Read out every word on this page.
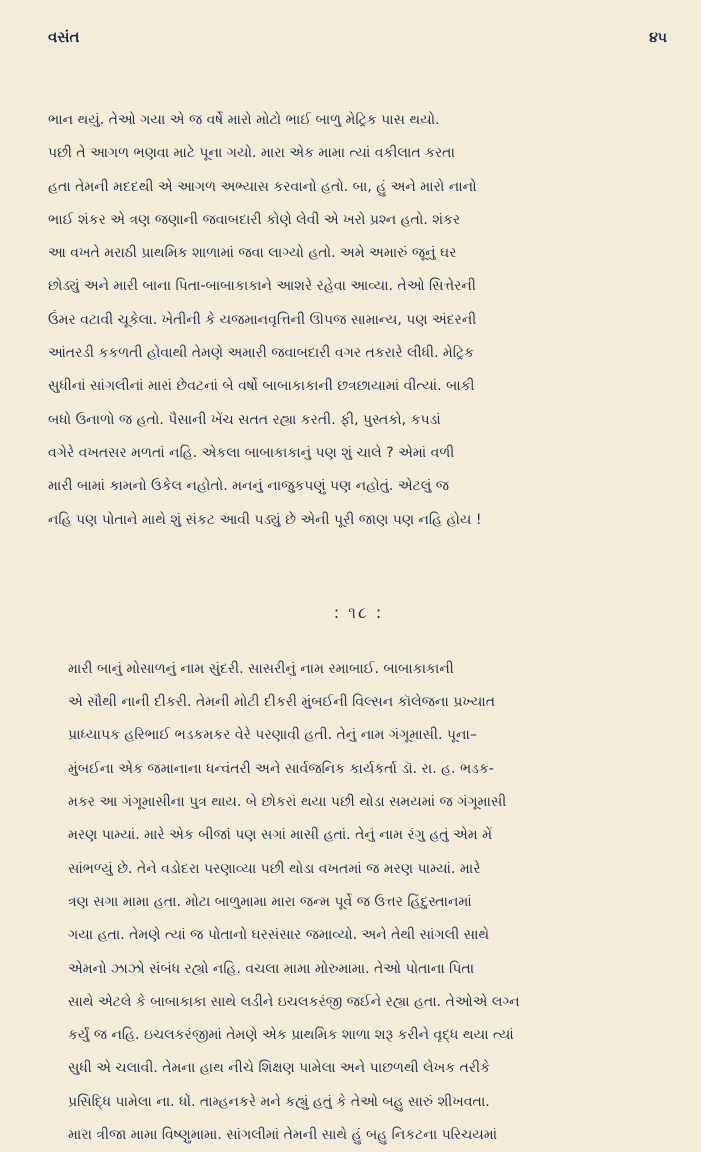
વસંત	૪૫
ભાન થયું. તેઓ ગયા એ જ વર્ષે મારો મોટો ભાઈ બાળુ મેટ્રિક પાસ થયો.
પછી તે આગળ ભણવા માટે પૂના ગયો. મારા એક મામા ત્યાં વકીલાત કરતા
હતા તેમની મદદથી એ આગળ અભ્યાસ કરવાનો હતો. બા, હું અને મારો નાનો
ભાઈ શંકર એ ત્રણ જણાની જવાબદારી કોણે લેવી એ ખરો પ્રશ્ન હતો. શંકર
આ વખતે મરાઠી પ્રાથમિક શાળામાં જવા લાગ્યો હતો. અમે અમારું જૂનું ઘર
છોડ્યું અને મારી બાના પિતા-બાબાકાકાને આશરે રહેવા આવ્યા. તેઓ સિત્તેરની
ઉંમર વટાવી ચૂકેલા. ખેતીની કે યજમાનવૃત્તિની ઊપજ સામાન્ય, પણ અંદરની
આંતરડી કકળતી હોવાથી તેમણે અમારી જવાબદારી વગર તકરારે લીધી. મેટ્રિક
સુધીનાં સાંગલીનાં મારાં છેવટનાં બે વર્ષો બાબાકાકાની છત્રછાયામાં વીત્યાં. બાકી
બધો ઉનાળો જ હતો. પૈસાની ખેંચ સતત રહ્યા કરતી. ફી, પુસ્તકો, કપડાં
વગેરે વખતસર મળતાં નહિ. એકલા બાબાકાકાનું પણ શું ચાલે ? એમાં વળી
મારી બામાં કામનો ઉકેલ નહોતો. મનનું નાજુકપણું પણ નહોતું. એટલું જ
નહિ પણ પોતાને માથે શું સંકટ આવી પડ્યું છે એની પૂરી જાણ પણ નહિ હોય !
: ૧૮ :
મારી બાનું મોસાળનું નામ સુંદરી. સાસરીનું નામ રમાબાઈ. બાબાકાકાની
એ સૌથી નાની દીકરી. તેમની મોટી દીકરી મુંબઈની વિલ્સન કૉલેજના પ્રખ્યાત
પ્રાધ્યાપક હરિભાઈ ભડકમકર વેરે પરણાવી હતી. તેનું નામ ગંગૂમાસી. પૂના–
મુંબઈના એક જમાનાના ધન્વંતરી અને સાર્વજનિક કાર્યકર્તા ડૉ. રા. હ. ભડક-
મકર આ ગંગૂમાસીના પુત્ર થાય. બે છોકરાં થયા પછી થોડા સમયમાં જ ગંગૂમાસી
મરણ પામ્યાં. મારે એક બીજાં પણ સગાં માસી હતાં. તેનું નામ રંગુ હતું એમ મેં
સાંભળ્યું છે. તેને વડોદરા પરણાવ્યા પછી થોડા વખતમાં જ મરણ પામ્યાં. મારે
ત્રણ સગા મામા હતા. મોટા બાળુમામા મારા જન્મ પૂર્વે જ ઉત્તર હિંદુસ્તાનમાં
ગયા હતા. તેમણે ત્યાં જ પોતાનો ઘરસંસાર જમાવ્યો. અને તેથી સાંગલી સાથે
એમનો ઝાઝો સંબંધ રહ્યો નહિ. વચલા મામા મોરુમામા. તેઓ પોતાના પિતા
સાથે એટલે કે બાબાકાકા સાથે લડીને ઇચલકરંજી જઈને રહ્યા હતા. તેઓએ લગ્ન
કર્યું જ નહિ. ઇચલકરંજીમાં તેમણે એક પ્રાથમિક શાળા શરૂ કરીને વૃદ્ધ થયા ત્યાં
સુધી એ ચલાવી. તેમના હાથ નીચે શિક્ષણ પામેલા અને પાછળથી લેખક તરીકે
પ્રસિદ્ધિ પામેલા ના. ધોં. તામ્હનકરે મને કહ્યું હતું કે તેઓ બહુ સારું શીખવતા.
મારા ત્રીજા મામા વિષ્ણુમામા. સાંગલીમાં તેમની સાથે હું બહુ નિકટના પરિચયમાં
